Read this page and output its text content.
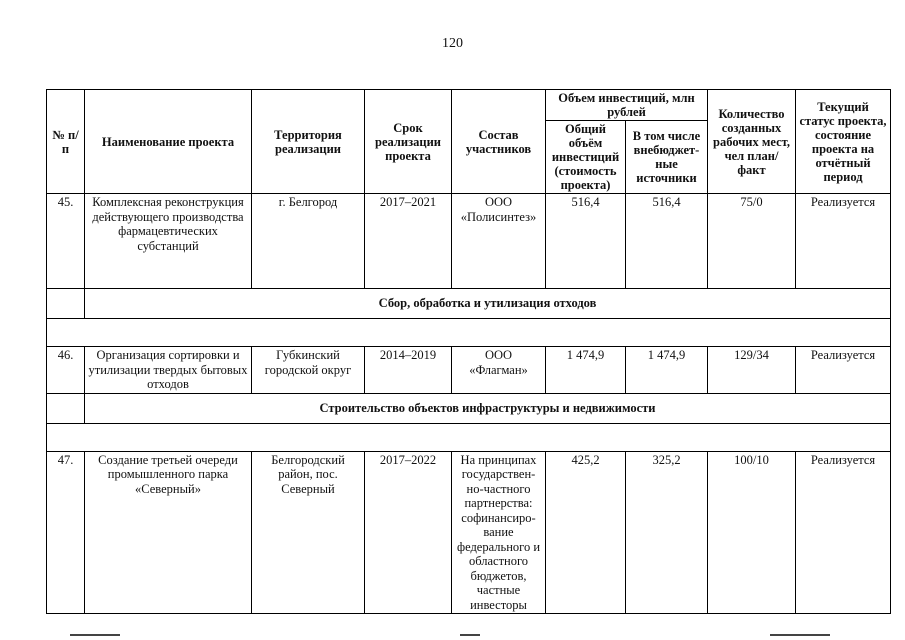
120
№ п/п	Наименование проекта	Территория реализации	Срок реализации проекта	Состав участников	Объем инвестиций, млн рублей		Количество созданных рабочих мест, чел план/факт	Текущий статус проекта, состояние проекта на отчётный период
					Общий объём инвестиций (стоимость проекта)	В том числе внебюджет-ные источники		
45.	Комплексная реконструкция действующего производства фармацевтических субстанций	г. Белгород	2017–2021	ООО «Полисинтез»	516,4	516,4	75/0	Реализуется
	Сбор, обработка и утилизация отходов							

46.	Организация сортировки и утилизации твердых бытовых отходов	Губкинский городской округ	2014–2019	ООО «Флагман»	1 474,9	1 474,9	129/34	Реализуется
	Строительство объектов инфраструктуры и недвижимости							

47.	Создание третьей очереди промышленного парка «Северный»	Белгородский район, пос. Северный	2017–2022	На принципах государствен-но-частного партнерства: софинансиро-вание федерального и областного бюджетов, частные инвесторы	425,2	325,2	100/10	Реализуется
